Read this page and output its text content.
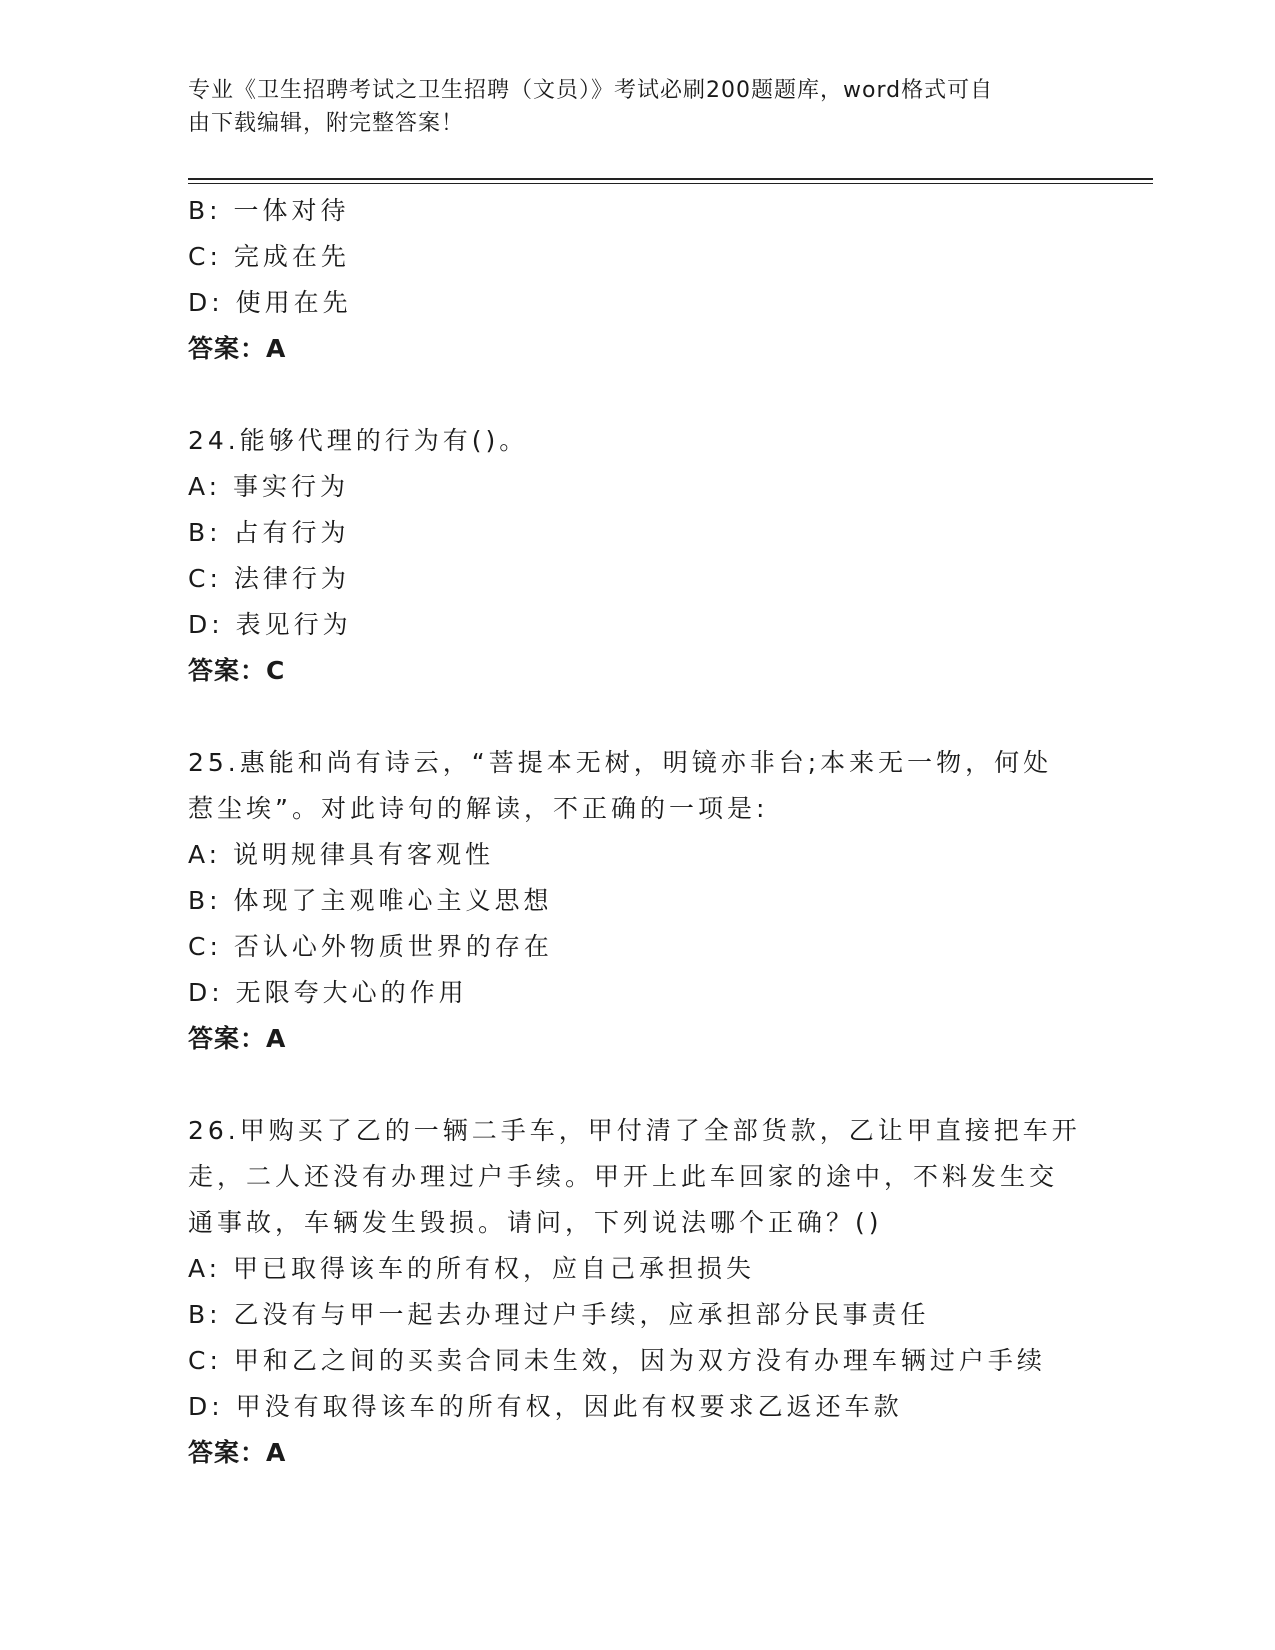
专业《卫生招聘考试之卫生招聘（文员）》考试必刷200题题库，word格式可自
由下载编辑，附完整答案！
B: 一体对待
C: 完成在先
D: 使用在先
答案：A
24.能够代理的行为有()。
A: 事实行为
B: 占有行为
C: 法律行为
D: 表见行为
答案：C
25.惠能和尚有诗云，“菩提本无树，明镜亦非台;本来无一物，何处
惹尘埃”。对此诗句的解读，不正确的一项是:
A: 说明规律具有客观性
B: 体现了主观唯心主义思想
C: 否认心外物质世界的存在
D: 无限夸大心的作用
答案：A
26.甲购买了乙的一辆二手车，甲付清了全部货款，乙让甲直接把车开
走，二人还没有办理过户手续。甲开上此车回家的途中，不料发生交
通事故，车辆发生毁损。请问，下列说法哪个正确？()
A: 甲已取得该车的所有权，应自己承担损失
B: 乙没有与甲一起去办理过户手续，应承担部分民事责任
C: 甲和乙之间的买卖合同未生效，因为双方没有办理车辆过户手续
D: 甲没有取得该车的所有权，因此有权要求乙返还车款
答案：A
